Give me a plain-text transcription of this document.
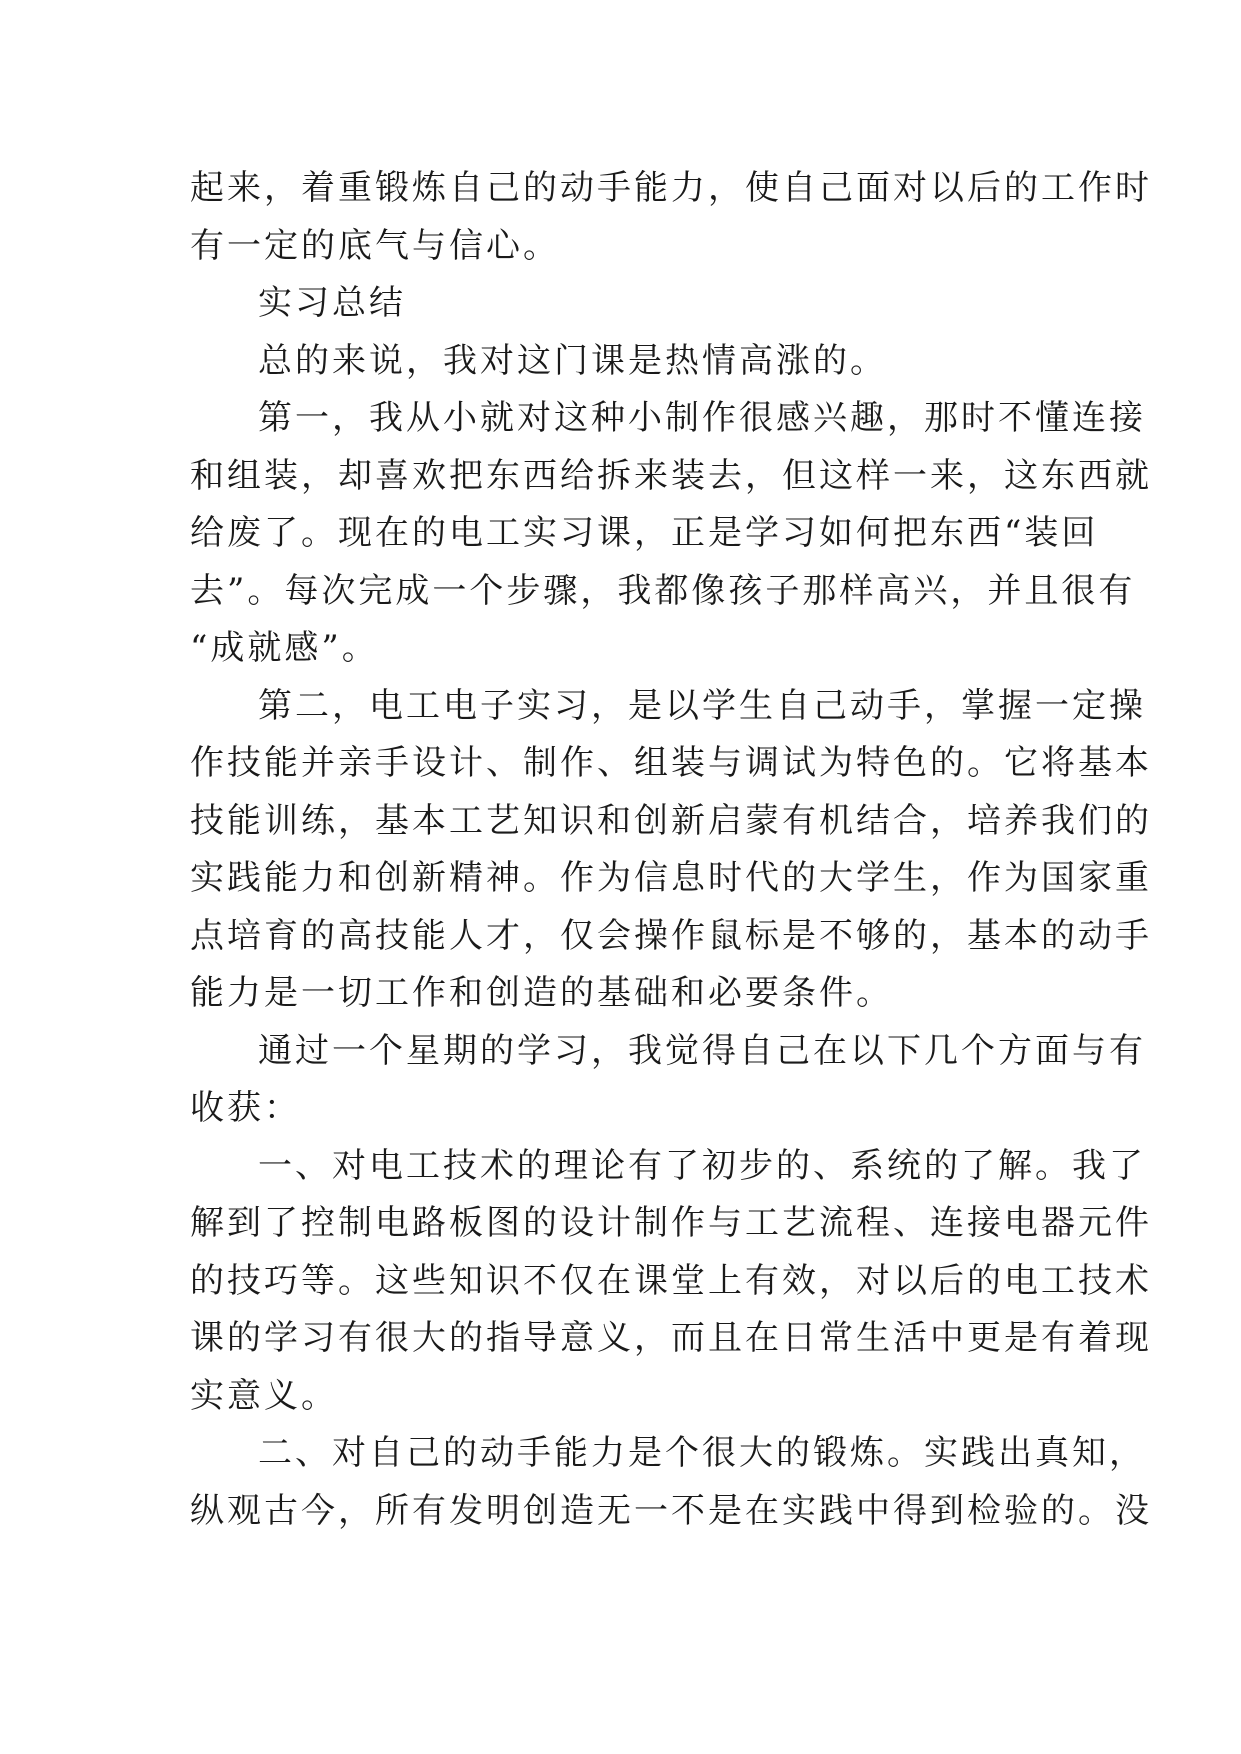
起来，着重锻炼自己的动手能力，使自己面对以后的工作时
有一定的底气与信心。
实习总结
总的来说，我对这门课是热情高涨的。
第一，我从小就对这种小制作很感兴趣，那时不懂连接
和组装，却喜欢把东西给拆来装去，但这样一来，这东西就
给废了。现在的电工实习课，正是学习如何把东西“装回
去”。每次完成一个步骤，我都像孩子那样高兴，并且很有
“成就感”。
第二，电工电子实习，是以学生自己动手，掌握一定操
作技能并亲手设计、制作、组装与调试为特色的。它将基本
技能训练，基本工艺知识和创新启蒙有机结合，培养我们的
实践能力和创新精神。作为信息时代的大学生，作为国家重
点培育的高技能人才，仅会操作鼠标是不够的，基本的动手
能力是一切工作和创造的基础和必要条件。
通过一个星期的学习，我觉得自己在以下几个方面与有
收获：
一、对电工技术的理论有了初步的、系统的了解。我了
解到了控制电路板图的设计制作与工艺流程、连接电器元件
的技巧等。这些知识不仅在课堂上有效，对以后的电工技术
课的学习有很大的指导意义，而且在日常生活中更是有着现
实意义。
二、对自己的动手能力是个很大的锻炼。实践出真知，
纵观古今，所有发明创造无一不是在实践中得到检验的。没
